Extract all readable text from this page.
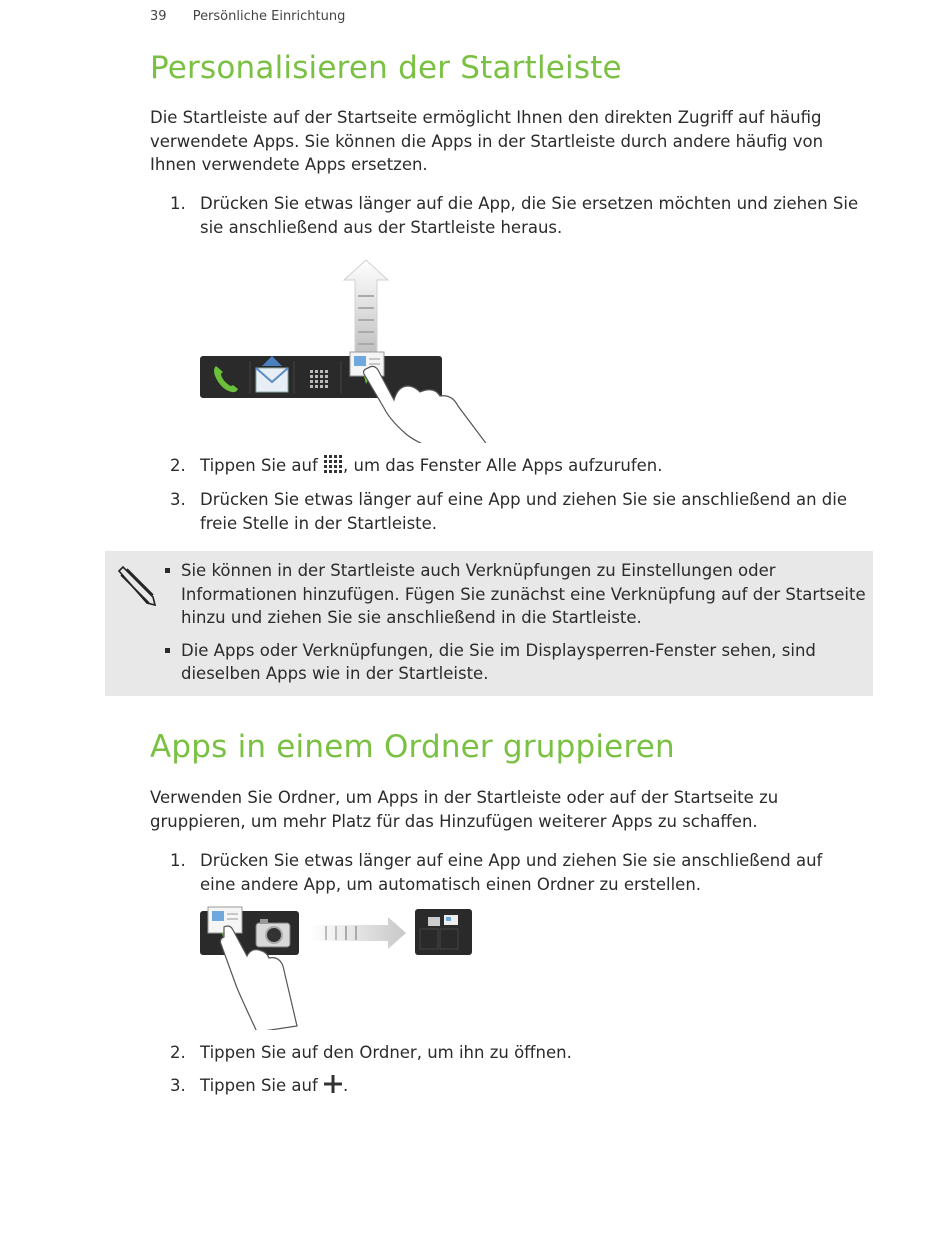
39 Persönliche Einrichtung
Personalisieren der Startleiste

Die Startleiste auf der Startseite ermöglicht Ihnen den direkten Zugriff auf häufig verwendete Apps. Sie können die Apps in der Startleiste durch andere häufig von Ihnen verwendete Apps ersetzen.

1. Drücken Sie etwas länger auf die App, die Sie ersetzen möchten und ziehen Sie sie anschließend aus der Startleiste heraus.
2. Tippen Sie auf , um das Fenster Alle Apps aufzurufen.
3. Drücken Sie etwas länger auf eine App und ziehen Sie sie anschließend an die freie Stelle in der Startleiste.
Sie können in der Startleiste auch Verknüpfungen zu Einstellungen oder Informationen hinzufügen. Fügen Sie zunächst eine Verknüpfung auf der Startseite hinzu und ziehen Sie sie anschließend in die Startleiste.
Die Apps oder Verknüpfungen, die Sie im Displaysperren-Fenster sehen, sind dieselben Apps wie in der Startleiste.
Apps in einem Ordner gruppieren

Verwenden Sie Ordner, um Apps in der Startleiste oder auf der Startseite zu gruppieren, um mehr Platz für das Hinzufügen weiterer Apps zu schaffen.

1. Drücken Sie etwas länger auf eine App und ziehen Sie sie anschließend auf eine andere App, um automatisch einen Ordner zu erstellen.
2. Tippen Sie auf den Ordner, um ihn zu öffnen.
3. Tippen Sie auf .
